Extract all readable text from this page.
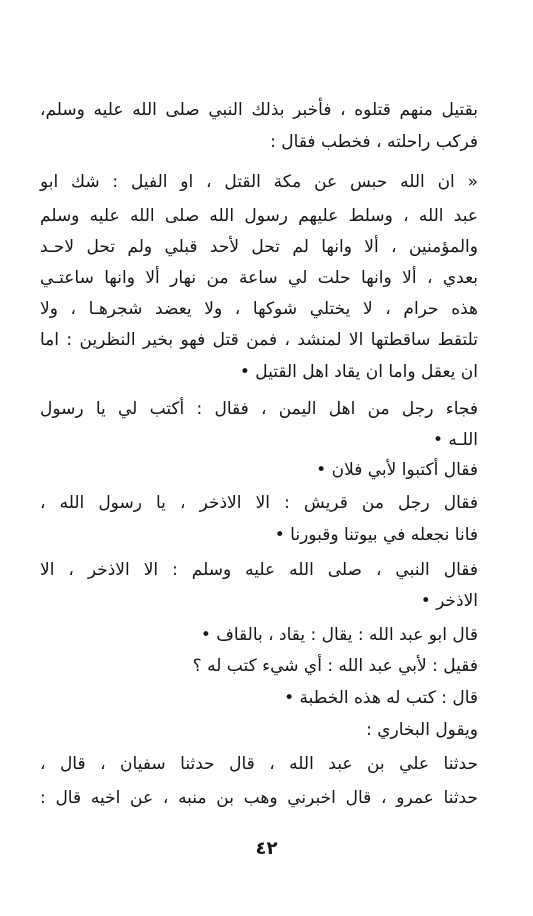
بقتيل منهم قتلوه ، فأخبر بذلك النبي صلى الله عليه وسلم،
فركب راحلته ، فخطب فقال :
« ان الله حبس عن مكة القتل ، او الفيل : شك ابو
عبد الله ، وسلط عليهم رسول الله صلى الله عليه وسلم
والمؤمنين ، ألا وانها لم تحل لأحد قبلي ولم تحل لاحـد
بعدي ، ألا وانها حلت لي ساعة من نهار ألا وانها ساعتـي
هذه حرام ، لا يختلي شوكها ، ولا يعضد شجرهـا ، ولا
تلتقط ساقطتها الا لمنشد ، فمن قتل فهو بخير النظرين : اما
ان يعقل واما ان يقاد اهل القتيل •
فجاء رجل من اهل اليمن ، فقال : أكتب لي يا رسول
اللـه •
فقال أكتبوا لأبي فلان •
فقال رجل من قريش : الا الاذخر ، يا رسول الله ،
فانا نجعله في بيوتنا وقبورنا •
فقال النبي ، صلى الله عليه وسلم : الا الاذخر ، الا
الاذخر •
قال ابو عبد الله : يقال : يقاد ، بالقاف •
فقيل : لأبي عبد الله : أي شيء كتب له ؟
قال : كتب له هذه الخطبة •
ويقول البخاري :
حدثنا علي بن عبد الله ، قال حدثنا سفيان ، قال ،
حدثنا عمرو ، قال اخبرني وهب بن منبه ، عن اخيه قال :
٤٢
